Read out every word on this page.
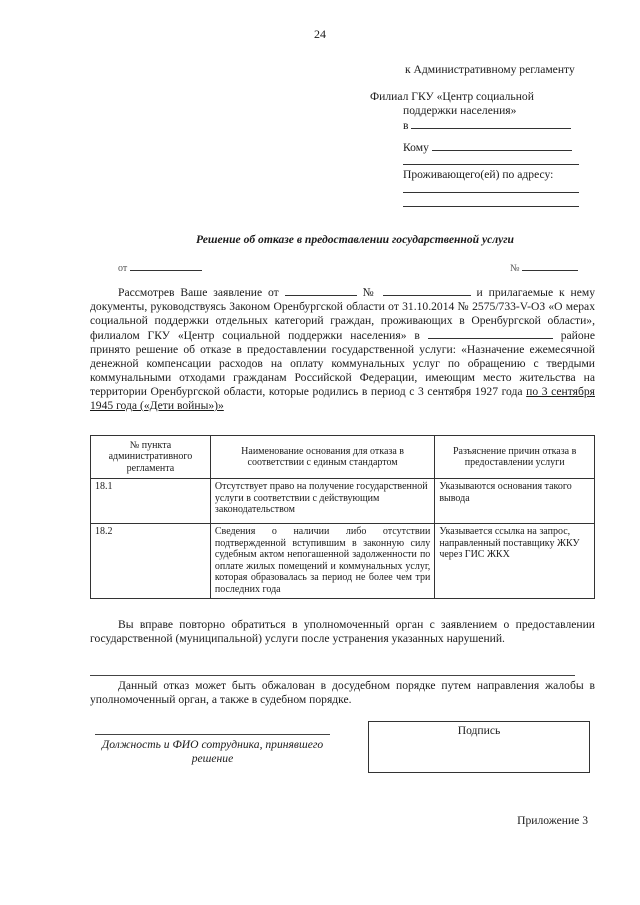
24
к Административному регламенту
Филиал ГКУ «Центр социальной
поддержки населения»
в
Кому
Проживающего(ей) по адресу:
Решение об отказе в предоставлении государственной услуги
от	№
Рассмотрев Ваше заявление от	№	и прилагаемые к нему документы, руководствуясь Законом Оренбургской области от 31.10.2014 № 2575/733-V-ОЗ «О мерах социальной поддержки отдельных категорий граждан, проживающих в Оренбургской области», филиалом ГКУ «Центр социальной поддержки населения» в	районе принято решение об отказе в предоставлении государственной услуги: «Назначение ежемесячной денежной компенсации расходов на оплату коммунальных услуг по обращению с твердыми коммунальными отходами гражданам Российской Федерации, имеющим место жительства на территории Оренбургской области, которые родились в период с 3 сентября 1927 года по 3 сентября 1945 года («Дети войны»)»
№ пункта административного регламента	Наименование основания для отказа в соответствии с единым стандартом	Разъяснение причин отказа в предоставлении услуги
18.1	Отсутствует право на получение государственной услуги в соответствии с действующим законодательством	Указываются основания такого вывода
18.2	Сведения о наличии либо отсутствии подтвержденной вступившим в законную силу судебным актом непогашенной задолженности по оплате жилых помещений и коммунальных услуг, которая образовалась за период не более чем три последних года	Указывается ссылка на запрос, направленный поставщику ЖКУ через ГИС ЖКХ
Вы вправе повторно обратиться в уполномоченный орган с заявлением о предоставлении государственной (муниципальной) услуги после устранения указанных нарушений.
Данный отказ может быть обжалован в досудебном порядке путем направления жалобы в уполномоченный орган, а также в судебном порядке.
Должность и ФИО сотрудника, принявшего решение
Подпись
Приложение 3
